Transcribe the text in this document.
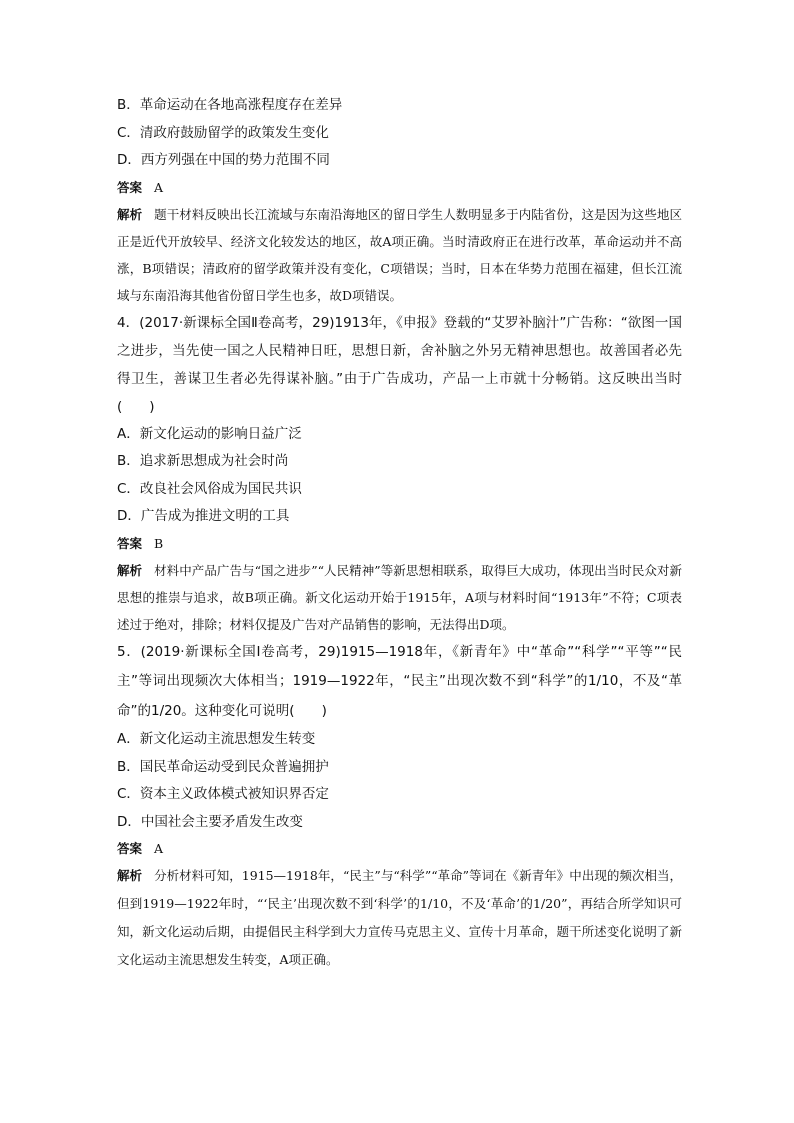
B．革命运动在各地高涨程度存在差异
C．清政府鼓励留学的政策发生变化
D．西方列强在中国的势力范围不同
答案 A
解析 题干材料反映出长江流域与东南沿海地区的留日学生人数明显多于内陆省份，这是因为这些地区正是近代开放较早、经济文化较发达的地区，故A项正确。当时清政府正在进行改革，革命运动并不高涨，B项错误；清政府的留学政策并没有变化，C项错误；当时，日本在华势力范围在福建，但长江流域与东南沿海其他省份留日学生也多，故D项错误。
4．(2017·新课标全国Ⅱ卷高考，29)1913年，《申报》登载的“艾罗补脑汁”广告称：“欲图一国之进步，当先使一国之人民精神日旺，思想日新，舍补脑之外另无精神思想也。故善国者必先得卫生，善谋卫生者必先得谋补脑。”由于广告成功，产品一上市就十分畅销。这反映出当时(　　)
A．新文化运动的影响日益广泛
B．追求新思想成为社会时尚
C．改良社会风俗成为国民共识
D．广告成为推进文明的工具
答案 B
解析 材料中产品广告与“国之进步”“人民精神”等新思想相联系，取得巨大成功，体现出当时民众对新思想的推崇与追求，故B项正确。新文化运动开始于1915年，A项与材料时间“1913年”不符；C项表述过于绝对，排除；材料仅提及广告对产品销售的影响，无法得出D项。
5．(2019·新课标全国Ⅰ卷高考，29)1915—1918年，《新青年》中“革命”“科学”“平等”“民主”等词出现频次大体相当；1919—1922年，“民主”出现次数不到“科学”的1/10，不及“革命”的1/20。这种变化可说明(　　)
A．新文化运动主流思想发生转变
B．国民革命运动受到民众普遍拥护
C．资本主义政体模式被知识界否定
D．中国社会主要矛盾发生改变
答案 A
解析 分析材料可知，1915—1918年，“民主”与“科学”“革命”等词在《新青年》中出现的频次相当，但到1919—1922年时，“‘民主’出现次数不到‘科学’的1/10，不及‘革命’的1/20”，再结合所学知识可知，新文化运动后期，由提倡民主科学到大力宣传马克思主义、宣传十月革命，题干所述变化说明了新文化运动主流思想发生转变，A项正确。
